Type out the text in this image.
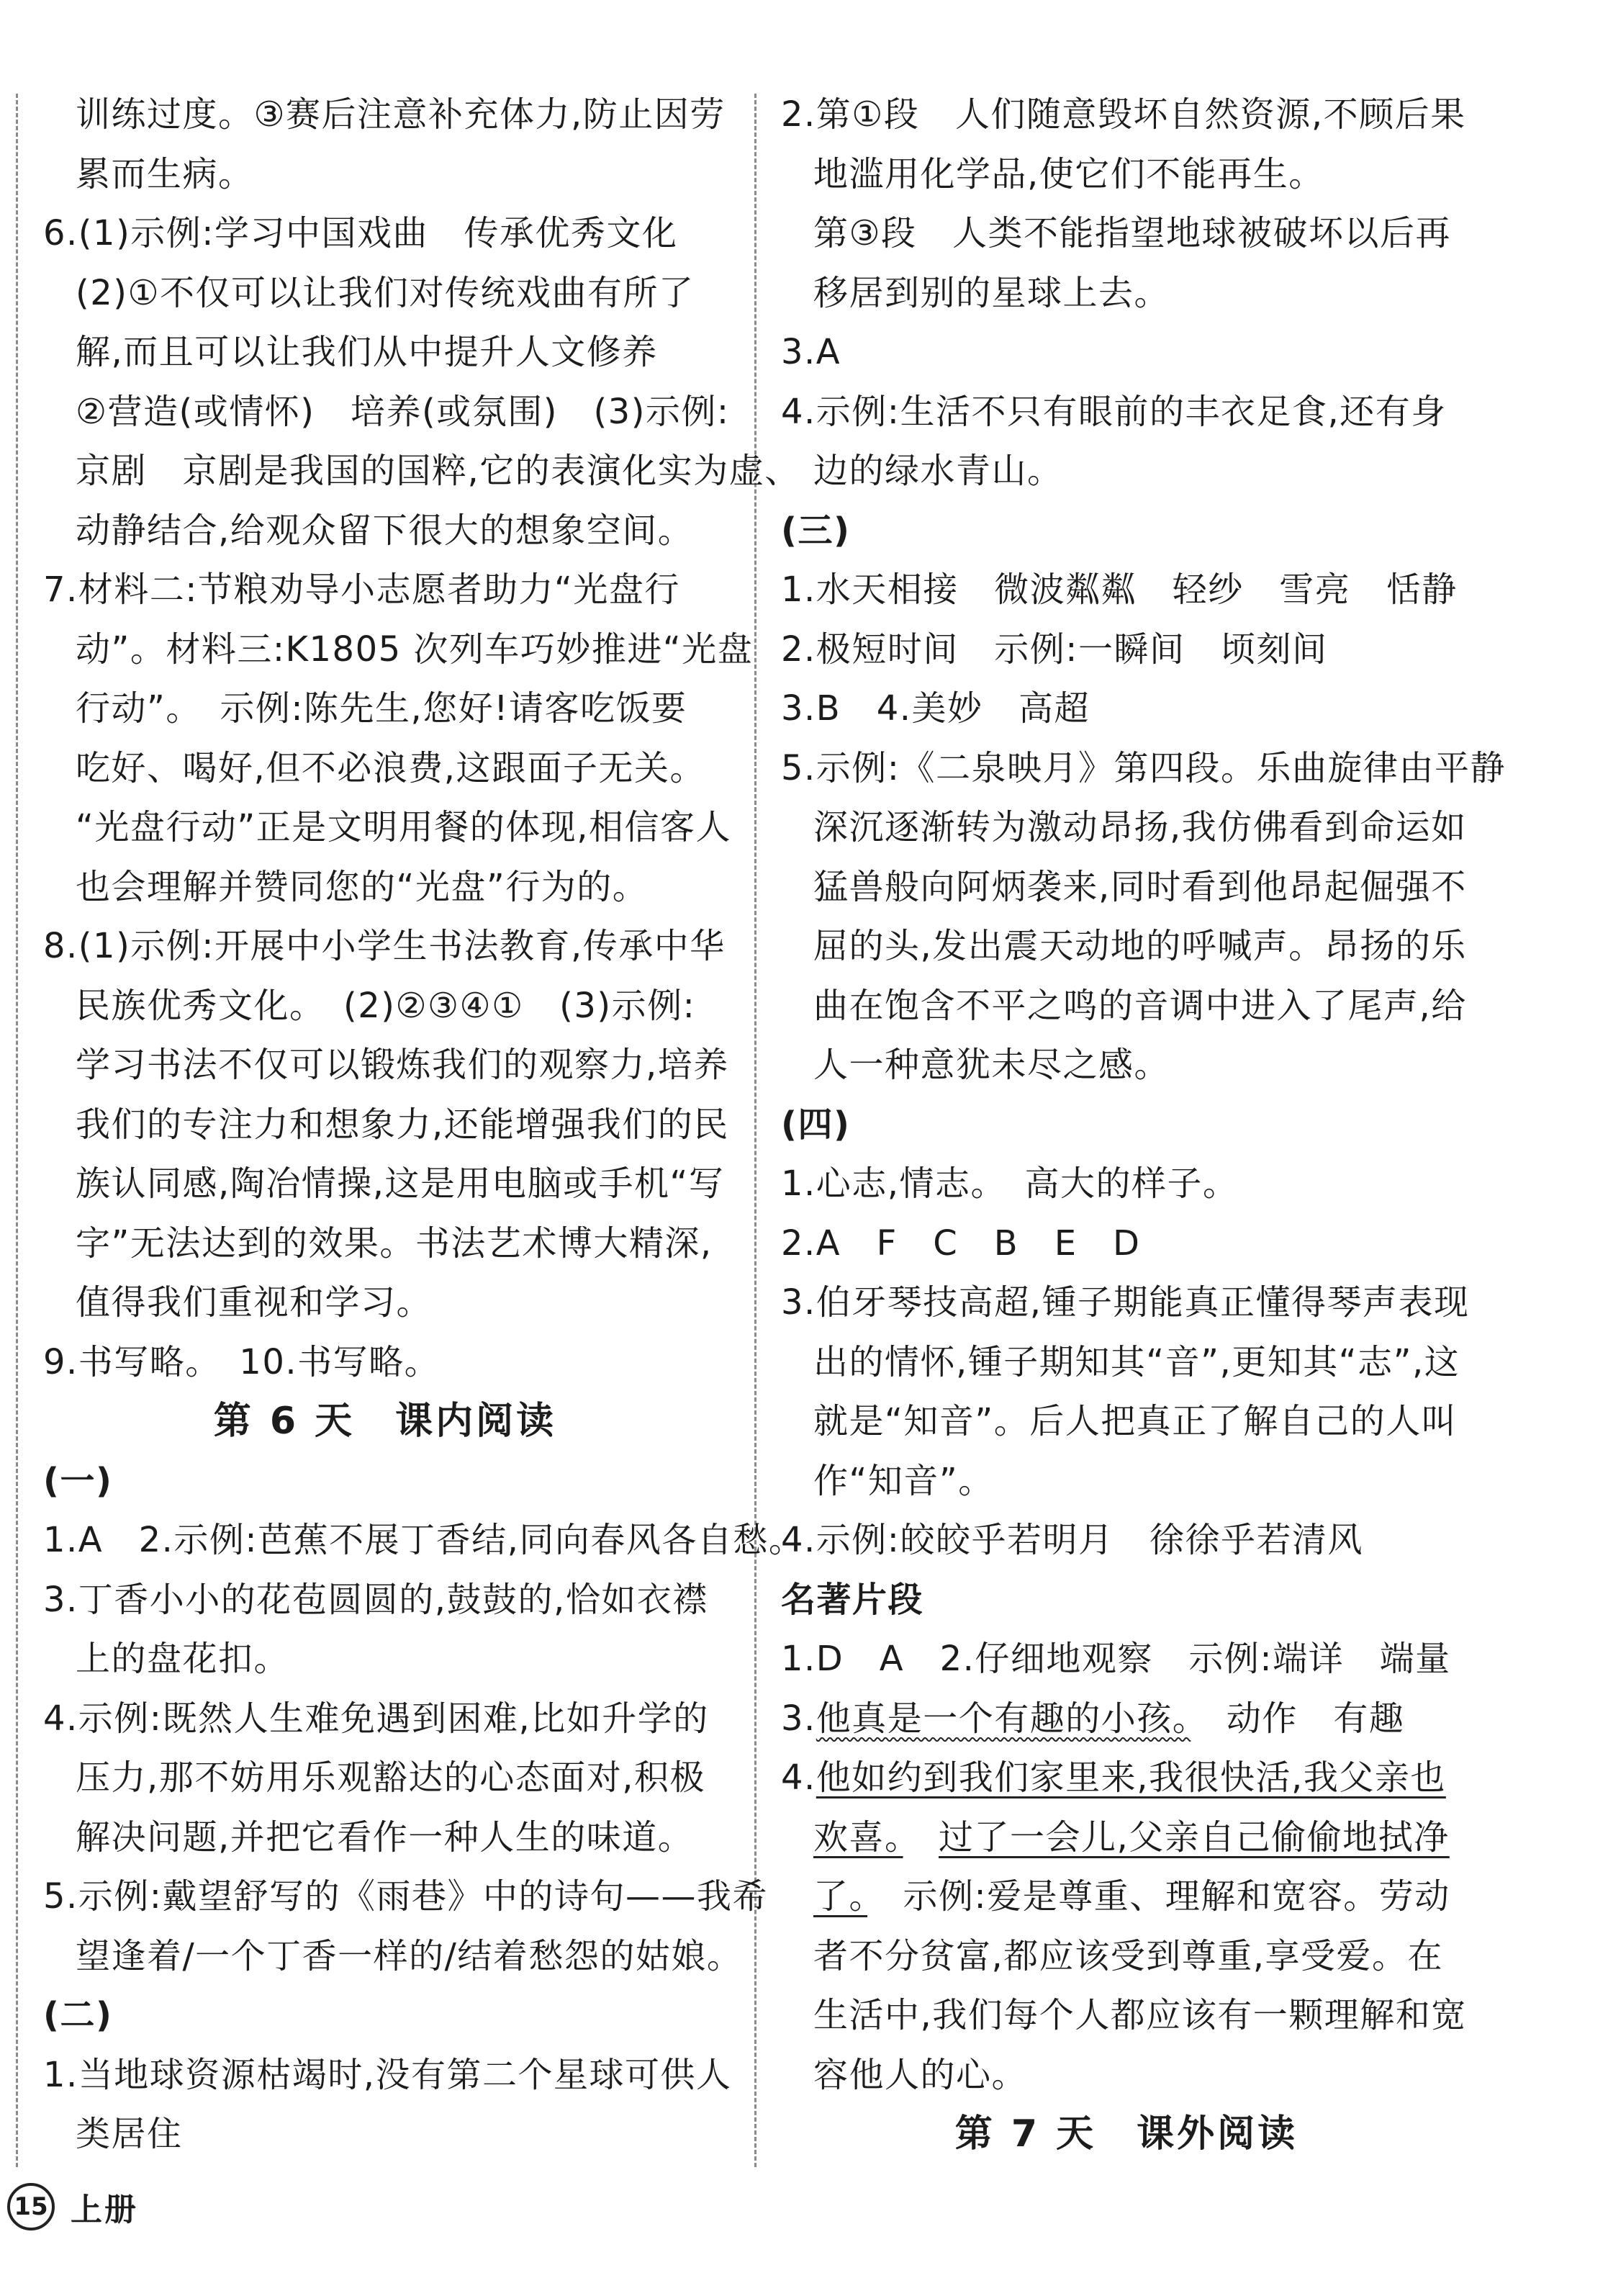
训练过度。③赛后注意补充体力,防止因劳
累而生病。
6.(1)示例:学习中国戏曲　传承优秀文化
(2)①不仅可以让我们对传统戏曲有所了
解,而且可以让我们从中提升人文修养
②营造(或情怀)　培养(或氛围)　(3)示例:
京剧　京剧是我国的国粹,它的表演化实为虚、
动静结合,给观众留下很大的想象空间。
7.材料二:节粮劝导小志愿者助力“光盘行
动”。材料三:K1805 次列车巧妙推进“光盘
行动”。　示例:陈先生,您好!请客吃饭要
吃好、喝好,但不必浪费,这跟面子无关。
“光盘行动”正是文明用餐的体现,相信客人
也会理解并赞同您的“光盘”行为的。
8.(1)示例:开展中小学生书法教育,传承中华
民族优秀文化。　(2)②③④①　(3)示例:
学习书法不仅可以锻炼我们的观察力,培养
我们的专注力和想象力,还能增强我们的民
族认同感,陶冶情操,这是用电脑或手机“写
字”无法达到的效果。书法艺术博大精深,
值得我们重视和学习。
9.书写略。　10.书写略。
第 6 天　课内阅读
(一)
1.A　2.示例:芭蕉不展丁香结,同向春风各自愁。
3.丁香小小的花苞圆圆的,鼓鼓的,恰如衣襟
上的盘花扣。
4.示例:既然人生难免遇到困难,比如升学的
压力,那不妨用乐观豁达的心态面对,积极
解决问题,并把它看作一种人生的味道。
5.示例:戴望舒写的《雨巷》中的诗句——我希
望逢着/一个丁香一样的/结着愁怨的姑娘。
(二)
1.当地球资源枯竭时,没有第二个星球可供人
类居住
2.第①段　人们随意毁坏自然资源,不顾后果
地滥用化学品,使它们不能再生。
第③段　人类不能指望地球被破坏以后再
移居到别的星球上去。
3.A
4.示例:生活不只有眼前的丰衣足食,还有身
边的绿水青山。
(三)
1.水天相接　微波粼粼　轻纱　雪亮　恬静
2.极短时间　示例:一瞬间　顷刻间
3.B　4.美妙　高超
5.示例:《二泉映月》第四段。乐曲旋律由平静
深沉逐渐转为激动昂扬,我仿佛看到命运如
猛兽般向阿炳袭来,同时看到他昂起倔强不
屈的头,发出震天动地的呼喊声。昂扬的乐
曲在饱含不平之鸣的音调中进入了尾声,给
人一种意犹未尽之感。
(四)
1.心志,情志。　高大的样子。
2.A　F　C　B　E　D
3.伯牙琴技高超,锺子期能真正懂得琴声表现
出的情怀,锺子期知其“音”,更知其“志”,这
就是“知音”。后人把真正了解自己的人叫
作“知音”。
4.示例:皎皎乎若明月　徐徐乎若清风
名著片段
1.D　A　2.仔细地观察　示例:端详　端量
3.他真是一个有趣的小孩。　动作　有趣
4.他如约到我们家里来,我很快活,我父亲也
欢喜。　 过了一会儿,父亲自己偷偷地拭净
了。　示例:爱是尊重、理解和宽容。劳动
者不分贫富,都应该受到尊重,享受爱。在
生活中,我们每个人都应该有一颗理解和宽
容他人的心。
第 7 天　课外阅读
15 上册
